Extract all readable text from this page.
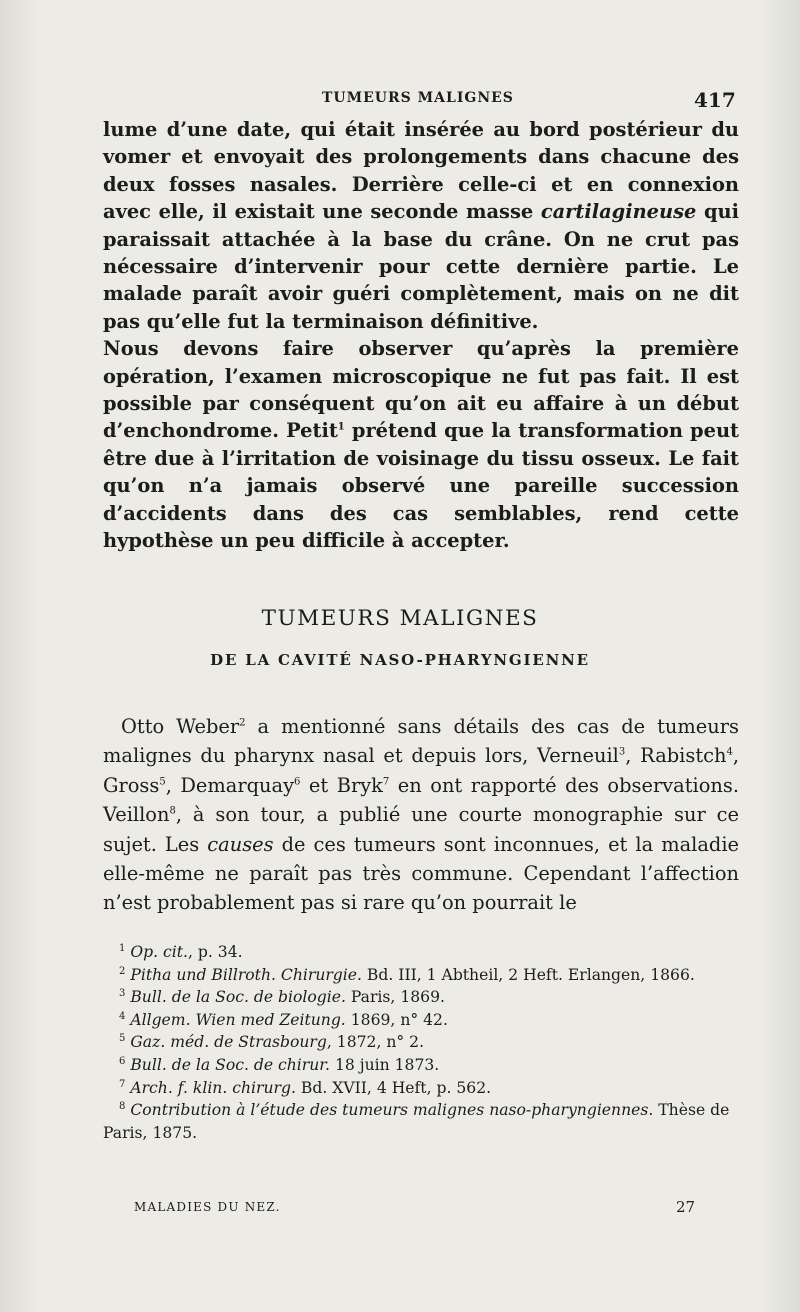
TUMEURS MALIGNES	417

lume d’une date, qui était insérée au bord postérieur du vomer et envoyait des prolongements dans chacune des deux fosses nasales. Derrière celle-ci et en connexion avec elle, il existait une seconde masse cartilagineuse qui paraissait attachée à la base du crâne. On ne crut pas nécessaire d’intervenir pour cette dernière partie. Le malade paraît avoir guéri complètement, mais on ne dit pas qu’elle fut la terminaison définitive.

Nous devons faire observer qu’après la première opération, l’examen microscopique ne fut pas fait. Il est possible par conséquent qu’on ait eu affaire à un début d’enchondrome. Petit$^1$ prétend que la transformation peut être due à l’irritation de voisinage du tissu osseux. Le fait qu’on n’a jamais observé une pareille succession d’accidents dans des cas semblables, rend cette hypothèse un peu difficile à accepter.

TUMEURS MALIGNES
DE LA CAVITÉ NASO-PHARYNGIENNE

Otto Weber$^2$ a mentionné sans détails des cas de tumeurs malignes du pharynx nasal et depuis lors, Verneuil$^3$, Rabistch$^4$, Gross$^5$, Demarquay$^6$ et Bryk$^7$ en ont rapporté des observations. Veillon$^8$, à son tour, a publié une courte monographie sur ce sujet. Les causes de ces tumeurs sont inconnues, et la maladie elle-même ne paraît pas très commune. Cependant l’affection n’est probablement pas si rare qu’on pourrait le

$^1$ Op. cit., p. 34.

$^2$ Pitha und Billroth. Chirurgie. Bd. III, 1 Abtheil, 2 Heft. Erlangen, 1866.

$^3$ Bull. de la Soc. de biologie. Paris, 1869.

$^4$ Allgem. Wien med Zeitung. 1869, n° 42.

$^5$ Gaz. méd. de Strasbourg, 1872, n° 2.

$^6$ Bull. de la Soc. de chirur. 18 juin 1873.

$^7$ Arch. f. klin. chirurg. Bd. XVII, 4 Heft, p. 562.

$^8$ Contribution à l’étude des tumeurs malignes naso-pharyngiennes. Thèse de Paris, 1875.

MALADIES DU NEZ.	27
